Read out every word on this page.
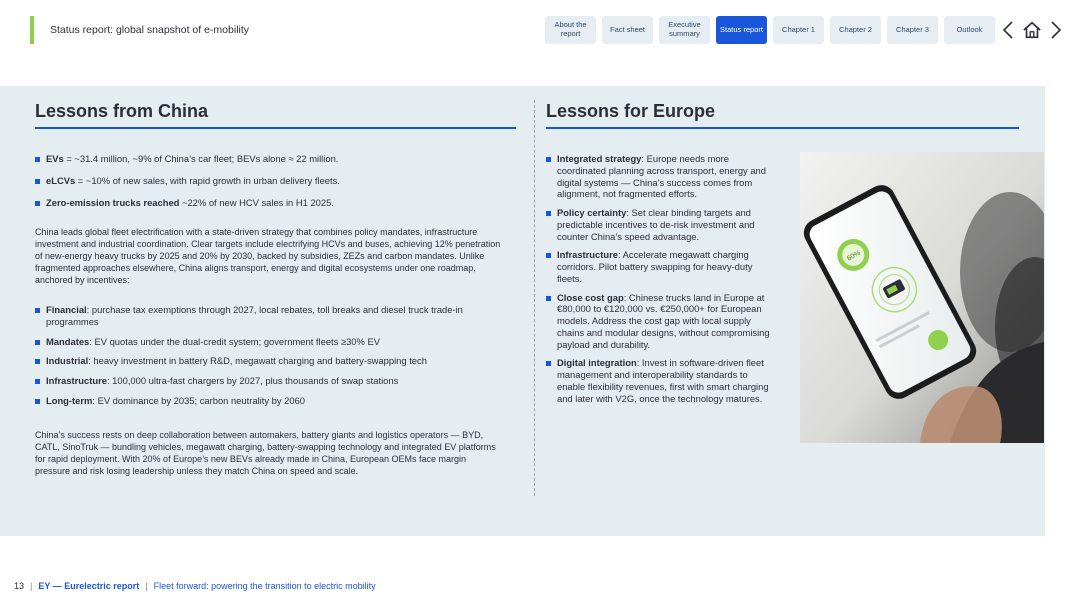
Status report: global snapshot of e-mobility	About the report	Fact sheet	Executive summary	Status report	Chapter 1	Chapter 2	Chapter 3	Outlook
Lessons from China
EVs = ~31.4 million, ~9% of China’s car fleet; BEVs alone ≈ 22 million.
eLCVs = ~10% of new sales, with rapid growth in urban delivery fleets.
Zero-emission trucks reached ~22% of new HCV sales in H1 2025.

China leads global fleet electrification with a state-driven strategy that combines policy mandates, infrastructure investment and industrial coordination. Clear targets include electrifying HCVs and buses, achieving 12% penetration of new-energy heavy trucks by 2025 and 20% by 2030, backed by subsidies, ZEZs and carbon mandates. Unlike fragmented approaches elsewhere, China aligns transport, energy and digital ecosystems under one roadmap, anchored by incentives:

Financial: purchase tax exemptions through 2027, local rebates, toll breaks and diesel truck trade-in programmes
Mandates: EV quotas under the dual-credit system; government fleets ≥30% EV
Industrial: heavy investment in battery R&D, megawatt charging and battery-swapping tech
Infrastructure: 100,000 ultra-fast chargers by 2027, plus thousands of swap stations
Long-term: EV dominance by 2035; carbon neutrality by 2060

China’s success rests on deep collaboration between automakers, battery giants and logistics operators — BYD, CATL, SinoTruk — bundling vehicles, megawatt charging, battery-swapping technology and integrated EV platforms for rapid deployment. With 20% of Europe’s new BEVs already made in China, European OEMs face margin pressure and risk losing leadership unless they match China on speed and scale.

Lessons for Europe
Integrated strategy: Europe needs more coordinated planning across transport, energy and digital systems — China’s success comes from alignment, not fragmented efforts.
Policy certainty: Set clear binding targets and predictable incentives to de-risk investment and counter China’s speed advantage.
Infrastructure: Accelerate megawatt charging corridors. Pilot battery swapping for heavy-duty fleets.
Close cost gap: Chinese trucks land in Europe at €80,000 to €120,000 vs. €250,000+ for European models. Address the cost gap with local supply chains and modular designs, without compromising payload and durability.
Digital integration: Invest in software-driven fleet management and interoperability standards to enable flexibility revenues, first with smart charging and later with V2G, once the technology matures.
60%
13 | EY — Eurelectric report | Fleet forward: powering the transition to electric mobility
